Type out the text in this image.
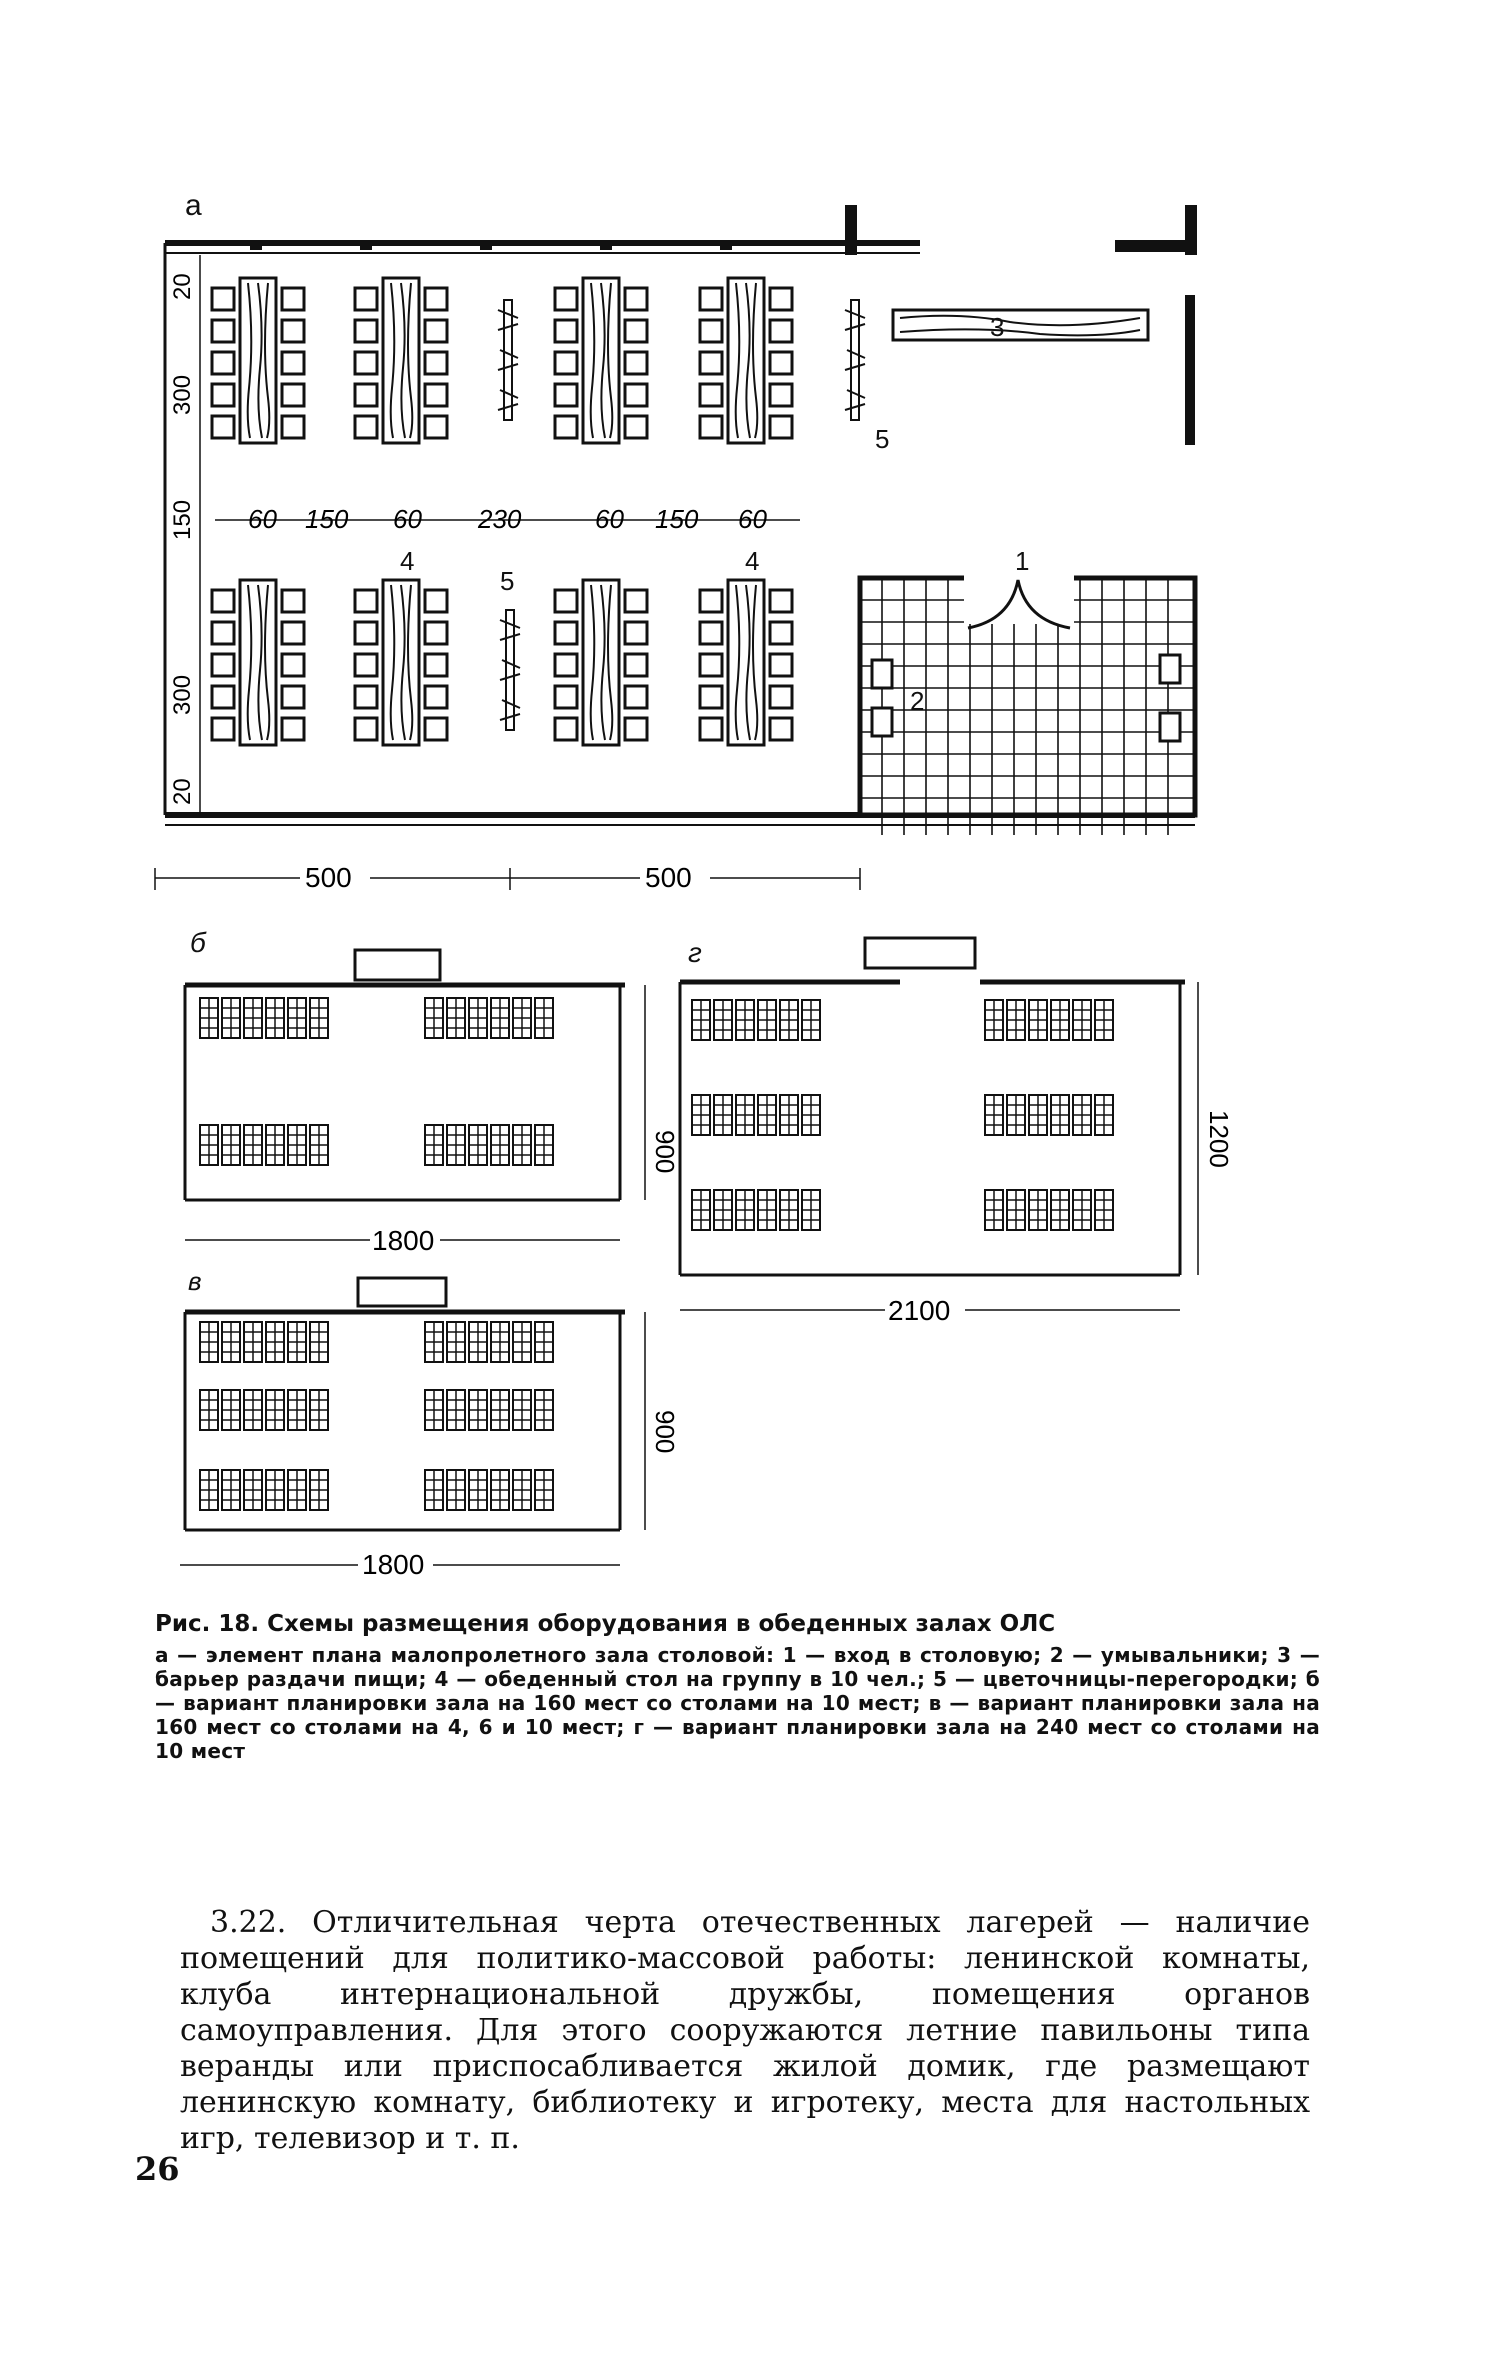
а
1
2
3
4	4
5
5
20
300
150
300
20
60 150 60 230	60 150 60
500	500
б
900
1800
г
1200
2100
в
900
1800
Рис. 18. Схемы размещения оборудования в обеденных залах ОЛС
а — элемент плана малопролетного зала столовой: 1 — вход в столовую; 2 — умывальники; 3 — барьер раздачи пищи; 4 — обеденный стол на группу в 10 чел.; 5 — цветочницы-перегородки; б — вариант планировки зала на 160 мест со столами на 10 мест; в — вариант планировки зала на 160 мест со столами на 4, 6 и 10 мест; г — вариант планировки зала на 240 мест со столами на 10 мест
3.22. Отличительная черта отечественных лагерей — наличие помещений для политико-массовой работы: ленинской комнаты, клуба интернациональной дружбы, помещения органов самоуправления. Для этого сооружаются летние павильоны типа веранды или приспосабливается жилой домик, где размещают ленинскую комнату, библиотеку и игротеку, места для настольных игр, телевизор и т. п.
26
